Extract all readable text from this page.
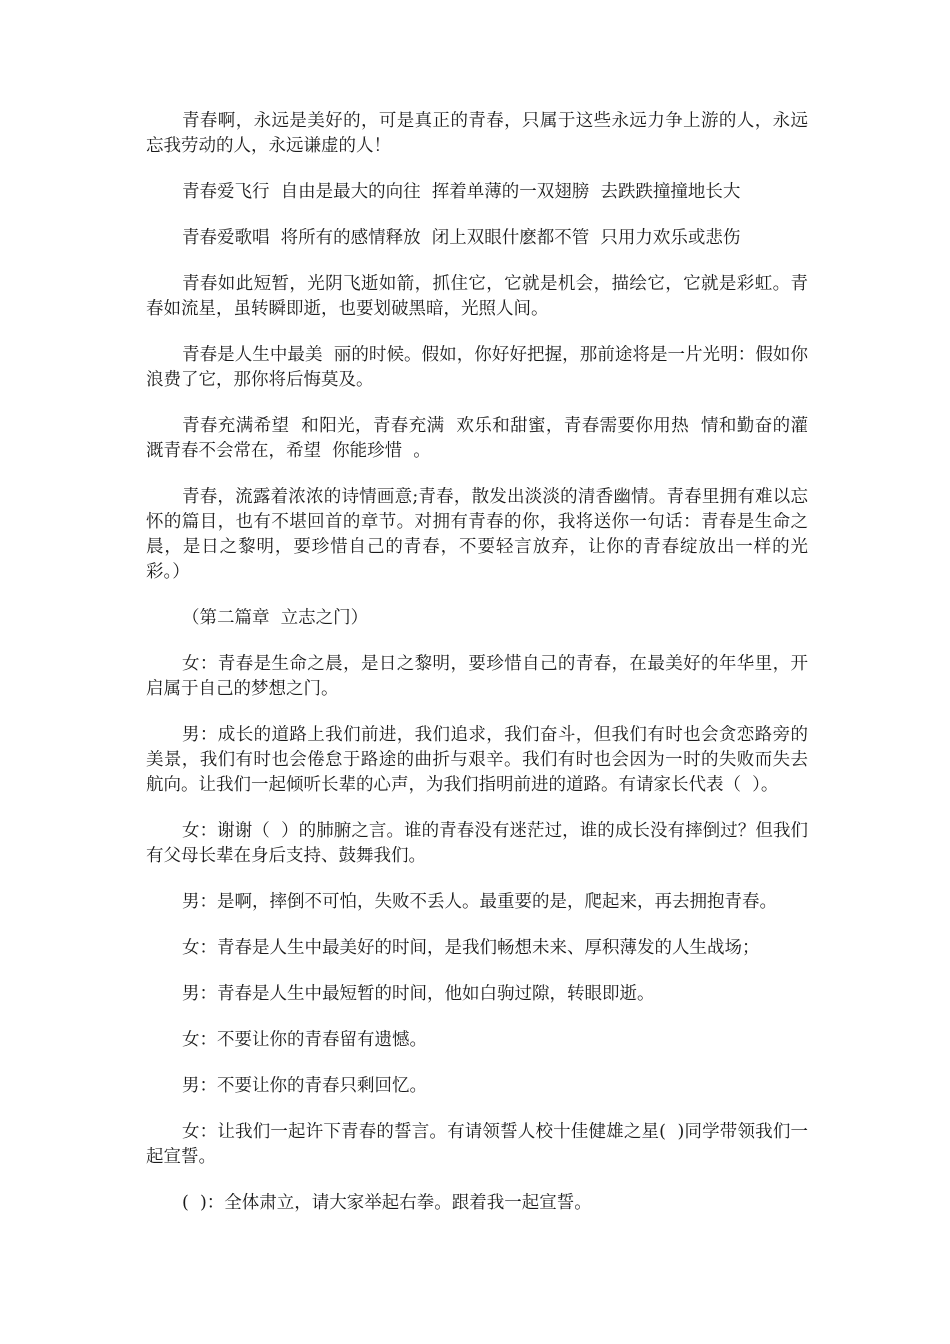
青春啊，永远是美好的，可是真正的青春，只属于这些永远力争上游的人，永远忘我劳动的人，永远谦虚的人！

青春爱飞行  自由是最大的向往  挥着单薄的一双翅膀  去跌跌撞撞地长大

青春爱歌唱  将所有的感情释放  闭上双眼什麽都不管  只用力欢乐或悲伤

青春如此短暂，光阴飞逝如箭，抓住它，它就是机会，描绘它，它就是彩虹。青春如流星，虽转瞬即逝，也要划破黑暗，光照人间。

青春是人生中最美  丽的时候。假如，你好好把握，那前途将是一片光明：假如你浪费了它，那你将后悔莫及。

青春充满希望  和阳光，青春充满  欢乐和甜蜜，青春需要你用热  情和勤奋的灌溉青春不会常在，希望  你能珍惜  。

青春，流露着浓浓的诗情画意;青春，散发出淡淡的清香幽情。青春里拥有难以忘怀的篇目，也有不堪回首的章节。对拥有青春的你，我将送你一句话：青春是生命之晨，是日之黎明，要珍惜自己的青春，不要轻言放弃，让你的青春绽放出一样的光彩。）

（第二篇章  立志之门）

女：青春是生命之晨，是日之黎明，要珍惜自己的青春，在最美好的年华里，开启属于自己的梦想之门。

男：成长的道路上我们前进，我们追求，我们奋斗，但我们有时也会贪恋路旁的美景，我们有时也会倦怠于路途的曲折与艰辛。我们有时也会因为一时的失败而失去航向。让我们一起倾听长辈的心声，为我们指明前进的道路。有请家长代表（  ）。

女：谢谢（  ）的肺腑之言。谁的青春没有迷茫过，谁的成长没有摔倒过？但我们有父母长辈在身后支持、鼓舞我们。

男：是啊，摔倒不可怕，失败不丢人。最重要的是，爬起来，再去拥抱青春。

女：青春是人生中最美好的时间，是我们畅想未来、厚积薄发的人生战场；

男：青春是人生中最短暂的时间，他如白驹过隙，转眼即逝。

女：不要让你的青春留有遗憾。

男：不要让你的青春只剩回忆。

女：让我们一起许下青春的誓言。有请领誓人校十佳健雄之星(  )同学带领我们一起宣誓。

(  )：全体肃立，请大家举起右拳。跟着我一起宣誓。
